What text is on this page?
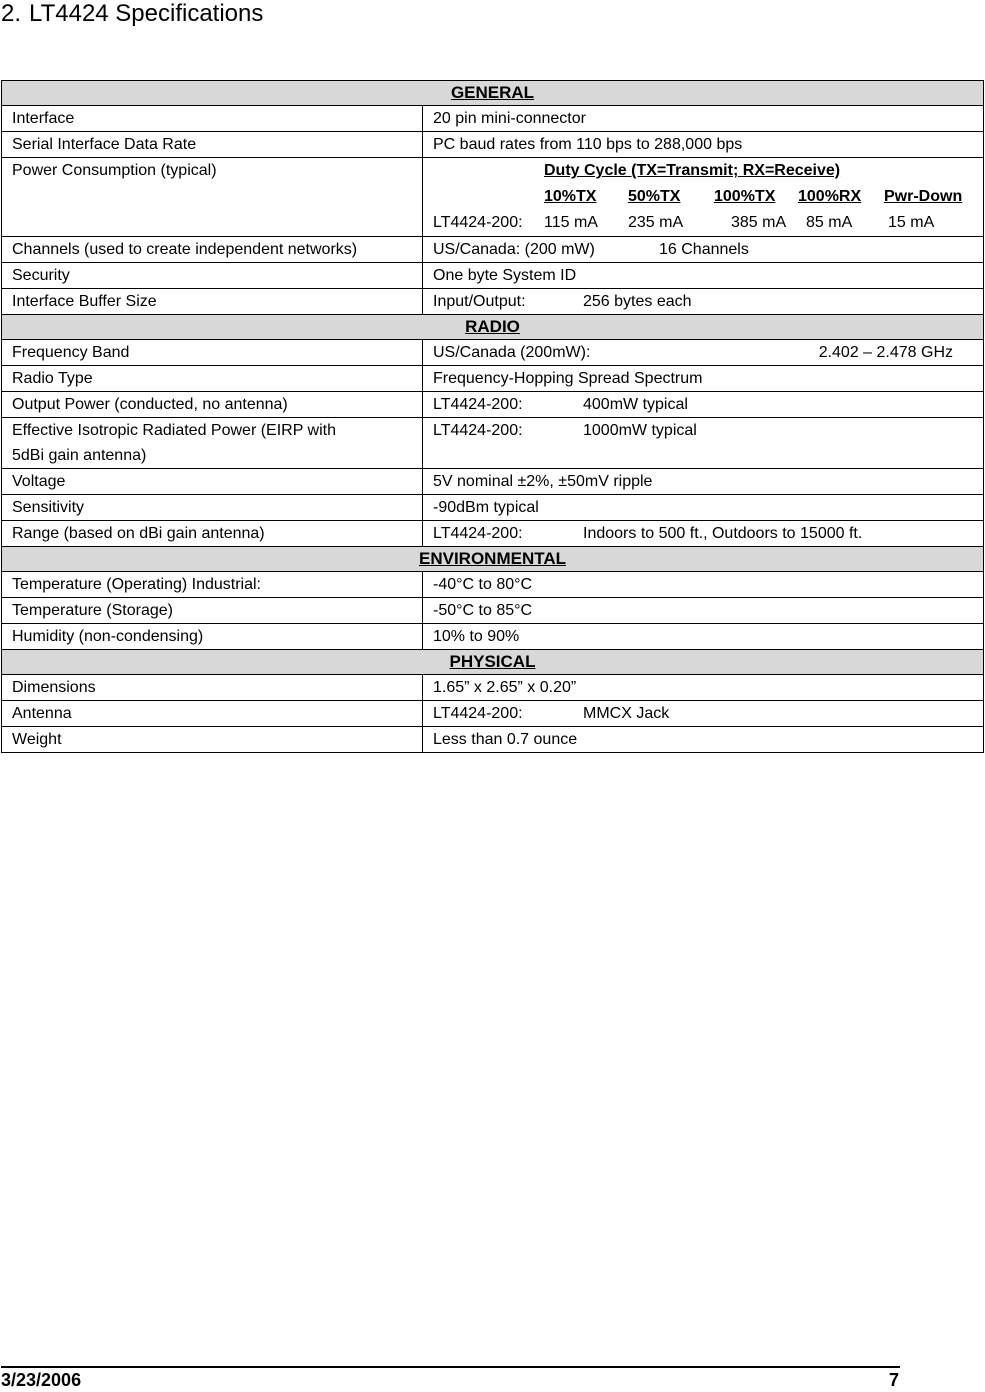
2. LT4424 Specifications
GENERAL	
Interface	20 pin mini-connector
Serial Interface Data Rate	PC baud rates from 110 bps to 288,000 bps
Power Consumption (typical)	Duty Cycle (TX=Transmit; RX=Receive)
10%TX 50%TX 100%TX 100%RX Pwr-Down
LT4424-200: 115 mA 235 mA 385 mA 85 mA 15 mA

Channels (used to create independent networks)	US/Canada: (200 mW) 16 Channels
Security	One byte System ID
Interface Buffer Size	Input/Output: 256 bytes each
RADIO	
Frequency Band	US/Canada (200mW): 2.402 – 2.478 GHz

Radio Type	Frequency-Hopping Spread Spectrum
Output Power (conducted, no antenna)	LT4424-200: 400mW typical

Effective Isotropic Radiated Power (EIRP with
5dBi gain antenna)	LT4424-200: 1000mW typical
Voltage	5V nominal ±2%, ±50mV ripple
Sensitivity	-90dBm typical
Range (based on dBi gain antenna)	LT4424-200: Indoors to 500 ft., Outdoors to 15000 ft.
ENVIRONMENTAL	
Temperature (Operating) Industrial:	-40°C to 80°C
Temperature (Storage)	-50°C to 85°C
Humidity (non-condensing)	10% to 90%
PHYSICAL	
Dimensions	1.65” x 2.65” x 0.20”
Antenna	LT4424-200: MMCX Jack
Weight	Less than 0.7 ounce
3/23/2006	7
